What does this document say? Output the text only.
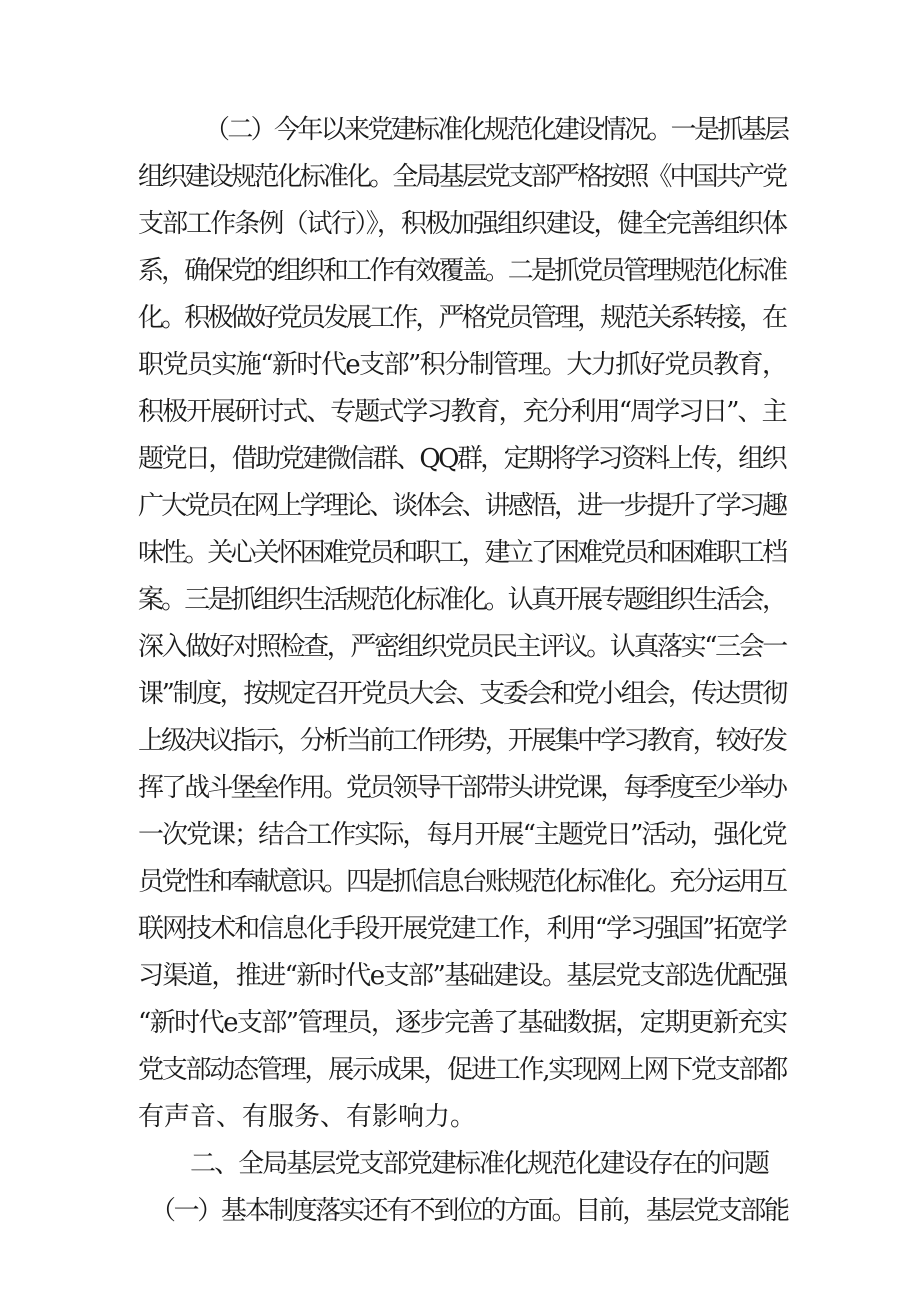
（二）今年以来党建标准化规范化建设情况。一是抓基层
组织建设规范化标准化。全局基层党支部严格按照《中国共产党
支部工作条例（试行）》，积极加强组织建设，健全完善组织体
系，确保党的组织和工作有效覆盖。二是抓党员管理规范化标准
化。积极做好党员发展工作，严格党员管理，规范关系转接，在
职党员实施“新时代e支部”积分制管理。大力抓好党员教育，
积极开展研讨式、专题式学习教育，充分利用“周学习日”、主
题党日，借助党建微信群、QQ群，定期将学习资料上传，组织
广大党员在网上学理论、谈体会、讲感悟，进一步提升了学习趣
味性。关心关怀困难党员和职工，建立了困难党员和困难职工档
案。三是抓组织生活规范化标准化。认真开展专题组织生活会，
深入做好对照检查，严密组织党员民主评议。认真落实“三会一
课”制度，按规定召开党员大会、支委会和党小组会，传达贯彻
上级决议指示，分析当前工作形势，开展集中学习教育，较好发
挥了战斗堡垒作用。党员领导干部带头讲党课，每季度至少举办
一次党课；结合工作实际，每月开展“主题党日”活动，强化党
员党性和奉献意识。四是抓信息台账规范化标准化。充分运用互
联网技术和信息化手段开展党建工作，利用“学习强国”拓宽学
习渠道，推进“新时代e支部”基础建设。基层党支部选优配强
“新时代e支部”管理员，逐步完善了基础数据，定期更新充实
党支部动态管理，展示成果，促进工作,实现网上网下党支部都
有声音、有服务、有影响力。
二、全局基层党支部党建标准化规范化建设存在的问题
（一）基本制度落实还有不到位的方面。目前，基层党支部能
